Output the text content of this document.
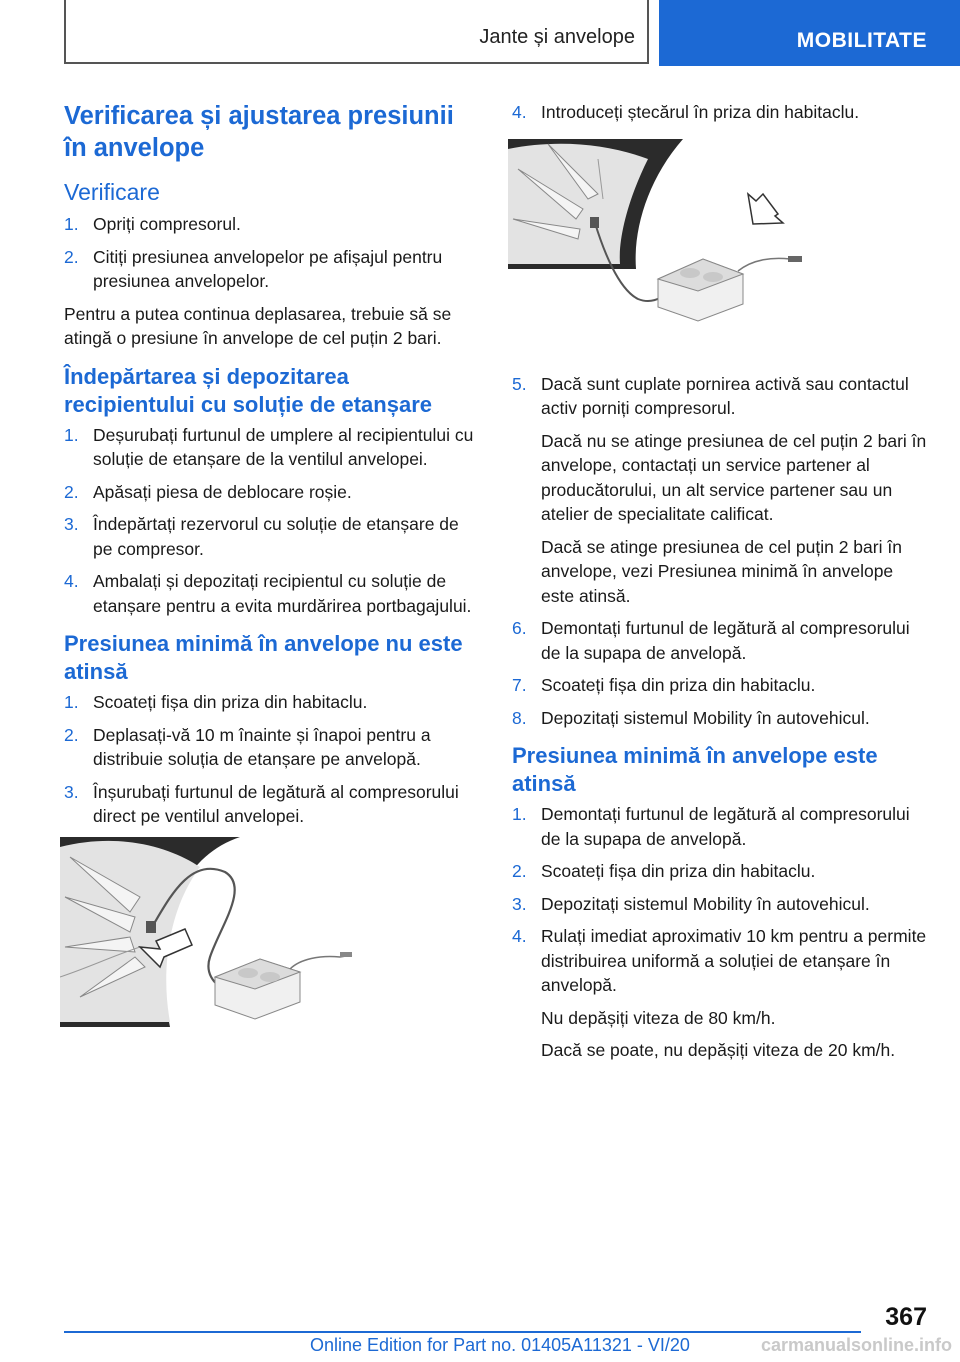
Jante și anvelope	MOBILITATE
Verificarea și ajustarea presiunii
în anvelope
Verificare
1. Opriți compresorul.

2. Citiți presiunea anvelopelor pe afișajul pentru presiunea anvelopelor.

Pentru a putea continua deplasarea, trebuie să se atingă o presiune în anvelope de cel puțin 2 bari.

Îndepărtarea și depozitarea recipientului cu soluție de etanșare
1. Deșurubați furtunul de umplere al recipientului cu soluție de etanșare de la ventilul anvelopei.

2. Apăsați piesa de deblocare roșie.

3. Îndepărtați rezervorul cu soluție de etanșare de pe compresor.

4. Ambalați și depozitați recipientul cu soluție de etanșare pentru a evita murdărirea portbagajului.

Presiunea minimă în anvelope nu este atinsă
1. Scoateți fișa din priza din habitaclu.

2. Deplasați-vă 10 m înainte și înapoi pentru a distribuie soluția de etanșare pe anvelopă.

3. Înșurubați furtunul de legătură al compresorului direct pe ventilul anvelopei.

4. Introduceți ștecărul în priza din habitaclu.

5. Dacă sunt cuplate pornirea activă sau contactul activ porniți compresorul.

Dacă nu se atinge presiunea de cel puțin 2 bari în anvelope, contactați un service partener al producătorului, un alt service partener sau un atelier de specialitate calificat.

Dacă se atinge presiunea de cel puțin 2 bari în anvelope, vezi Presiunea minimă în anvelope este atinsă.

6. Demontați furtunul de legătură al compresorului de la supapa de anvelopă.

7. Scoateți fișa din priza din habitaclu.

8. Depozitați sistemul Mobility în autovehicul.

Presiunea minimă în anvelope este atinsă
1. Demontați furtunul de legătură al compresorului de la supapa de anvelopă.

2. Scoateți fișa din priza din habitaclu.

3. Depozitați sistemul Mobility în autovehicul.

4. Rulați imediat aproximativ 10 km pentru a permite distribuirea uniformă a soluției de etanșare în anvelopă.

Nu depășiți viteza de 80 km/h.

Dacă se poate, nu depășiți viteza de 20 km/h.

367
Online Edition for Part no. 01405A11321 - VI/20	carmanualsonline.info
